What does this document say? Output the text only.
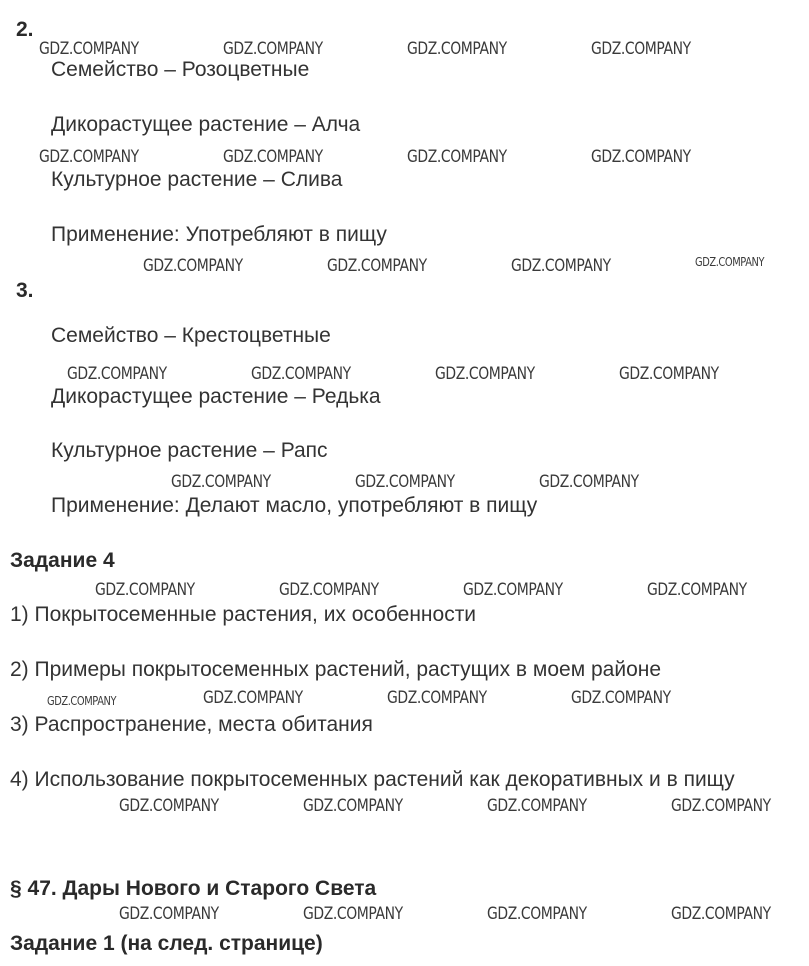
2.
Семейство – Розоцветные
Дикорастущее растение – Алча
Культурное растение – Слива
Применение: Употребляют в пищу
3.
Семейство – Крестоцветные
Дикорастущее растение – Редька
Культурное растение – Рапс
Применение: Делают масло, употребляют в пищу
Задание 4
1) Покрытосеменные растения, их особенности
2) Примеры покрытосеменных растений, растущих в моем районе
3) Распространение, места обитания
4) Использование покрытосеменных растений как декоративных и в пищу
§ 47. Дары Нового и Старого Света
Задание 1 (на след. странице)
GDZ.COMPANY	GDZ.COMPANY	GDZ.COMPANY	GDZ.COMPANY
GDZ.COMPANY	GDZ.COMPANY	GDZ.COMPANY	GDZ.COMPANY
GDZ.COMPANY	GDZ.COMPANY	GDZ.COMPANY	GDZ.COMPANY
GDZ.COMPANY	GDZ.COMPANY	GDZ.COMPANY	GDZ.COMPANY
GDZ.COMPANY	GDZ.COMPANY	GDZ.COMPANY
GDZ.COMPANY	GDZ.COMPANY	GDZ.COMPANY	GDZ.COMPANY
GDZ.COMPANY	GDZ.COMPANY	GDZ.COMPANY	GDZ.COMPANY
GDZ.COMPANY	GDZ.COMPANY	GDZ.COMPANY	GDZ.COMPANY
GDZ.COMPANY	GDZ.COMPANY	GDZ.COMPANY	GDZ.COMPANY
